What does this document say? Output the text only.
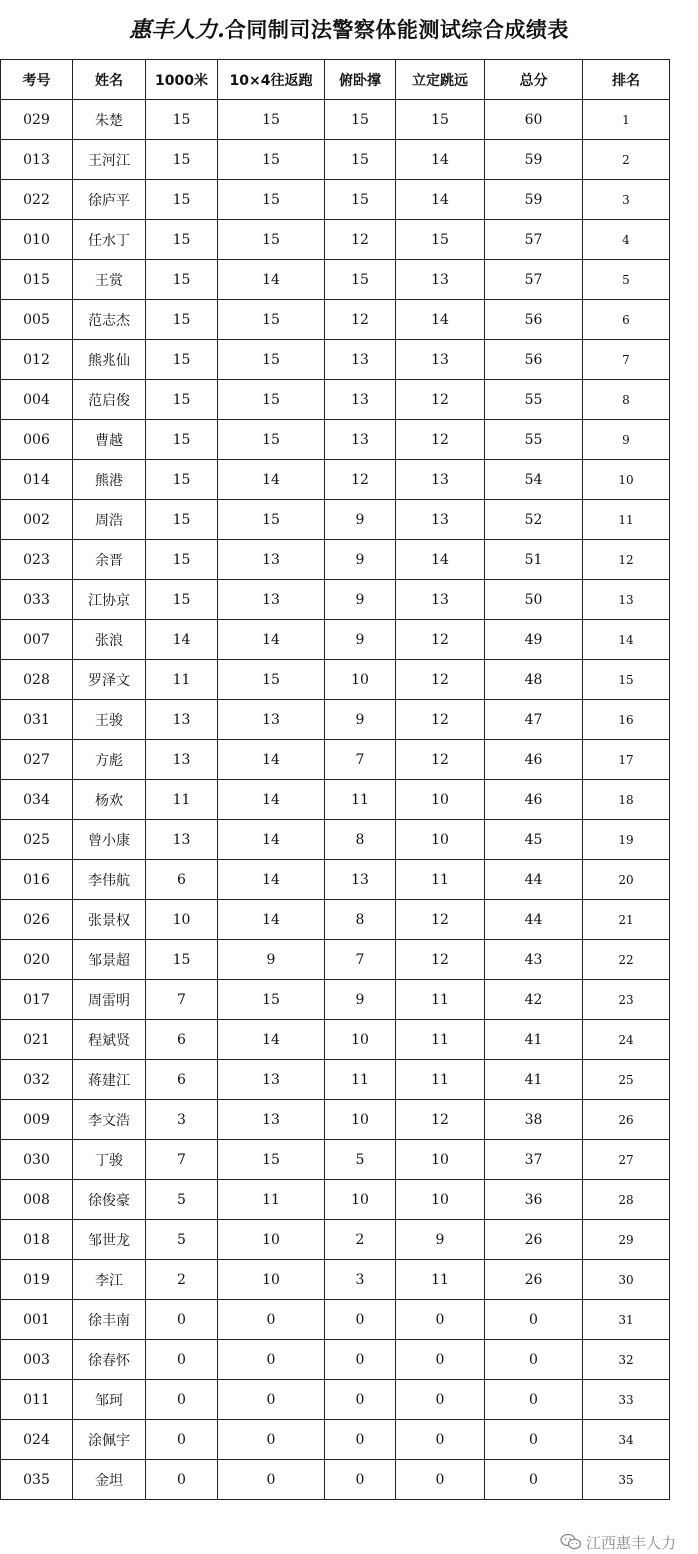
惠丰人力.合同制司法警察体能测试综合成绩表
考号	姓名	1000米	10×4往返跑	俯卧撑	立定跳远	总分	排名
029	朱楚	15	15	15	15	60	1
013	王河江	15	15	15	14	59	2
022	徐庐平	15	15	15	14	59	3
010	任水丁	15	15	12	15	57	4
015	王赏	15	14	15	13	57	5
005	范志杰	15	15	12	14	56	6
012	熊兆仙	15	15	13	13	56	7
004	范启俊	15	15	13	12	55	8
006	曹越	15	15	13	12	55	9
014	熊港	15	14	12	13	54	10
002	周浩	15	15	9	13	52	11
023	余晋	15	13	9	14	51	12
033	江协京	15	13	9	13	50	13
007	张浪	14	14	9	12	49	14
028	罗泽文	11	15	10	12	48	15
031	王骏	13	13	9	12	47	16
027	方彪	13	14	7	12	46	17
034	杨欢	11	14	11	10	46	18
025	曾小康	13	14	8	10	45	19
016	李伟航	6	14	13	11	44	20
026	张景权	10	14	8	12	44	21
020	邹景超	15	9	7	12	43	22
017	周雷明	7	15	9	11	42	23
021	程斌贤	6	14	10	11	41	24
032	蒋建江	6	13	11	11	41	25
009	李文浩	3	13	10	12	38	26
030	丁骏	7	15	5	10	37	27
008	徐俊豪	5	11	10	10	36	28
018	邹世龙	5	10	2	9	26	29
019	李江	2	10	3	11	26	30
001	徐丰南	0	0	0	0	0	31
003	徐春怀	0	0	0	0	0	32
011	邹珂	0	0	0	0	0	33
024	涂佩宇	0	0	0	0	0	34
035	金坦	0	0	0	0	0	35
江西惠丰人力
